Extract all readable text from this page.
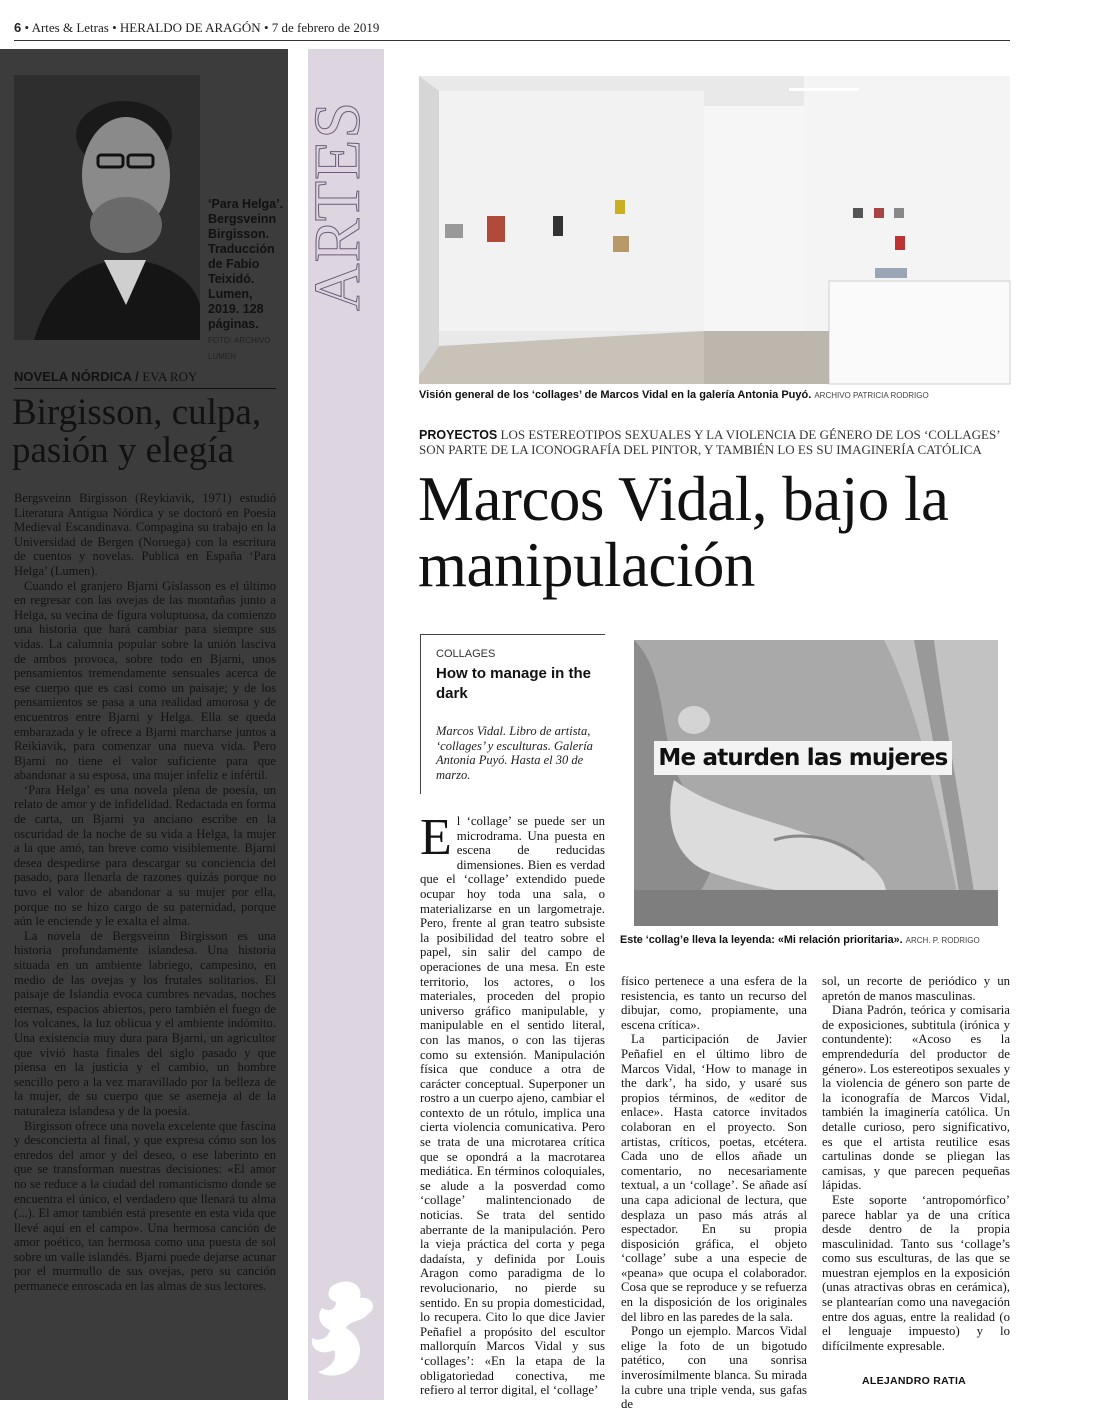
6 • Artes & Letras • HERALDO DE ARAGÓN • 7 de febrero de 2019
‘Para Helga’. Bergsveinn Birgisson. Traducción de Fabio Teixidó. Lumen, 2019. 128 páginas. FOTO: ARCHIVO LUMEN
NOVELA NÓRDICA / EVA ROY
Birgisson, culpa, pasión y elegía

Bergsveinn Birgisson (Reykiavik, 1971) estudió Literatura Antigua Nórdica y se doctoró en Poesía Medieval Escandinava. Compagina su trabajo en la Universidad de Bergen (Noruega) con la escritura de cuentos y novelas. Publica en España ‘Para Helga’ (Lumen).

Cuando el granjero Bjarni Gíslasson es el último en regresar con las ovejas de las montañas junto a Helga, su vecina de figura voluptuosa, da comienzo una historia que hará cambiar para siempre sus vidas. La calumnia popular sobre la unión lasciva de ambos provoca, sobre todo en Bjarni, unos pensamientos tremendamente sensuales acerca de ese cuerpo que es casi como un paisaje; y de los pensamientos se pasa a una realidad amorosa y de encuentros entre Bjarni y Helga. Ella se queda embarazada y le ofrece a Bjarni marcharse juntos a Reikiavik, para comenzar una nueva vida. Pero Bjarni no tiene el valor suficiente para que abandonar a su esposa, una mujer infeliz e infértil.

‘Para Helga’ es una novela plena de poesía, un relato de amor y de infidelidad. Redactada en forma de carta, un Bjarni ya anciano escribe en la oscuridad de la noche de su vida a Helga, la mujer a la que amó, tan breve como visiblemente. Bjarni desea despedirse para descargar su conciencia del pasado, para llenarla de razones quizás porque no tuvo el valor de abandonar a su mujer por ella, porque no se hizo cargo de su paternidad, porque aún le enciende y le exalta el alma.

La novela de Bergsveinn Birgisson es una historia profundamente islandesa. Una historia situada en un ambiente labriego, campesino, en medio de las ovejas y los frutales solitarios. El paisaje de Islandia evoca cumbres nevadas, noches eternas, espacios abiertos, pero también el fuego de los volcanes, la luz oblicua y el ambiente indómito. Una existencia muy dura para Bjarni, un agricultor que vivió hasta finales del siglo pasado y que piensa en la justicia y el cambio, un hombre sencillo pero a la vez maravillado por la belleza de la mujer, de su cuerpo que se asemeja al de la naturaleza islandesa y de la poesía.

Birgisson ofrece una novela excelente que fascina y desconcierta al final, y que expresa cómo son los enredos del amor y del deseo, o ese laberinto en que se transforman nuestras decisiones: «El amor no se reduce a la ciudad del romanticismo donde se encuentra el único, el verdadero que llenará tu alma (...). El amor también está presente en esta vida que llevé aquí en el campo». Una hermosa canción de amor poético, tan hermosa como una puesta de sol sobre un valle islandés. Bjarni puede dejarse acunar por el murmullo de sus ovejas, pero su canción permanece enroscada en las almas de sus lectores.

ARTES
Visión general de los ‘collages’ de Marcos Vidal en la galería Antonia Puyó. ARCHIVO PATRICIA RODRIGO
PROYECTOS LOS ESTEREOTIPOS SEXUALES Y LA VIOLENCIA DE GÉNERO DE LOS ‘COLLAGES’ SON PARTE DE LA ICONOGRAFÍA DEL PINTOR, Y TAMBIÉN LO ES SU IMAGINERÍA CATÓLICA
Marcos Vidal, bajo la manipulación
COLLAGES
How to manage in the dark
Marcos Vidal. Libro de artista, ‘collages’ y esculturas. Galería Antonia Puyó. Hasta el 30 de marzo.
Me aturden las mujeres
Este ‘collag’e lleva la leyenda: «Mi relación prioritaria». ARCH. P. RODRIGO

El ‘collage’ se puede ser un microdrama. Una puesta en escena de reducidas dimensiones. Bien es verdad que el ‘collage’ extendido puede ocupar hoy toda una sala, o materializarse en un largometraje. Pero, frente al gran teatro subsiste la posibilidad del teatro sobre el papel, sin salir del campo de operaciones de una mesa. En este territorio, los actores, o los materiales, proceden del propio universo gráfico manipulable, y manipulable en el sentido literal, con las manos, o con las tijeras como su extensión. Manipulación física que conduce a otra de carácter conceptual. Superponer un rostro a un cuerpo ajeno, cambiar el contexto de un rótulo, implica una cierta violencia comunicativa. Pero se trata de una microtarea crítica que se opondrá a la macrotarea mediática. En términos coloquiales, se alude a la posverdad como ‘collage’ malintencionado de noticias. Se trata del sentido aberrante de la manipulación. Pero la vieja práctica del corta y pega dadaísta, y definida por Louis Aragon como paradigma de lo revolucionario, no pierde su sentido. En su propia domesticidad, lo recupera. Cito lo que dice Javier Peñafiel a propósito del escultor mallorquín Marcos Vidal y sus ‘collages’: «En la etapa de la obligatoriedad conectiva, me refiero al terror digital, el ‘collage’

físico pertenece a una esfera de la resistencia, es tanto un recurso del dibujar, como, propiamente, una escena crítica».

La participación de Javier Peñafiel en el último libro de Marcos Vidal, ‘How to manage in the dark’, ha sido, y usaré sus propios términos, de «editor de enlace». Hasta catorce invitados colaboran en el proyecto. Son artistas, críticos, poetas, etcétera. Cada uno de ellos añade un comentario, no necesariamente textual, a un ‘collage’. Se añade así una capa adicional de lectura, que desplaza un paso más atrás al espectador. En su propia disposición gráfica, el objeto ‘collage’ sube a una especie de «peana» que ocupa el colaborador. Cosa que se reproduce y se refuerza en la disposición de los originales del libro en las paredes de la sala.

Pongo un ejemplo. Marcos Vidal elige la foto de un bigotudo patético, con una sonrisa inverosímilmente blanca. Su mirada la cubre una triple venda, sus gafas de

sol, un recorte de periódico y un apretón de manos masculinas.

Diana Padrón, teórica y comisaria de exposiciones, subtitula (irónica y contundente): «Acoso es la emprendeduría del productor de género». Los estereotipos sexuales y la violencia de género son parte de la iconografía de Marcos Vidal, también la imaginería católica. Un detalle curioso, pero significativo, es que el artista reutilice esas cartulinas donde se pliegan las camisas, y que parecen pequeñas lápidas.

Este soporte ‘antropomórfico’ parece hablar ya de una crítica desde dentro de la propia masculinidad. Tanto sus ‘collage’s como sus esculturas, de las que se muestran ejemplos en la exposición (unas atractivas obras en cerámica), se plantearían como una navegación entre dos aguas, entre la realidad (o el lenguaje impuesto) y lo difícilmente expresable.

ALEJANDRO RATIA
